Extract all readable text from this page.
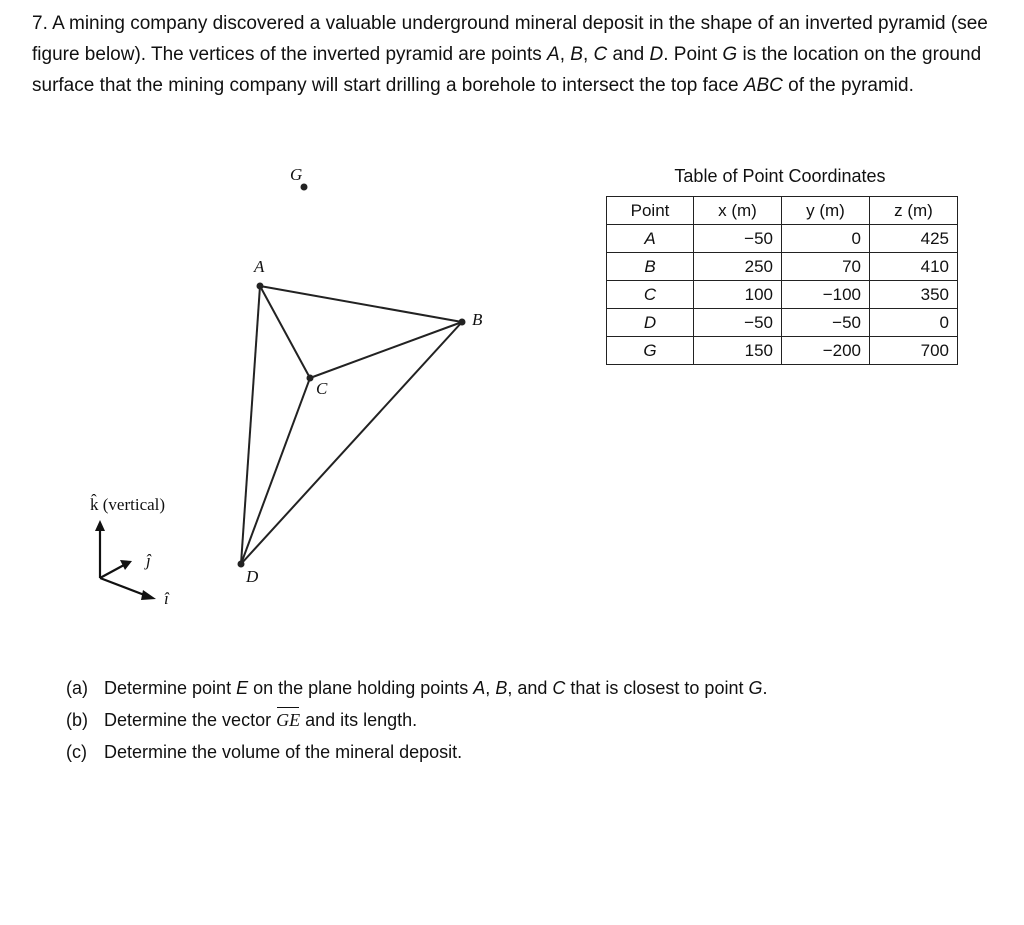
7. A mining company discovered a valuable underground mineral deposit in the shape of an inverted pyramid (see figure below). The vertices of the inverted pyramid are points A, B, C and D. Point G is the location on the ground surface that the mining company will start drilling a borehole to intersect the top face ABC of the pyramid.

G
A
B
C
D
k̂ (vertical)
ĵ
î
Table of Point Coordinates
Point	x (m)	y (m)	z (m)
A	−50	0	425
B	250	70	410
C	100	−100	350
D	−50	−50	0
G	150	−200	700
(a) Determine point E on the plane holding points A, B, and C that is closest to point G.
(b) Determine the vector GE and its length.
(c) Determine the volume of the mineral deposit.
